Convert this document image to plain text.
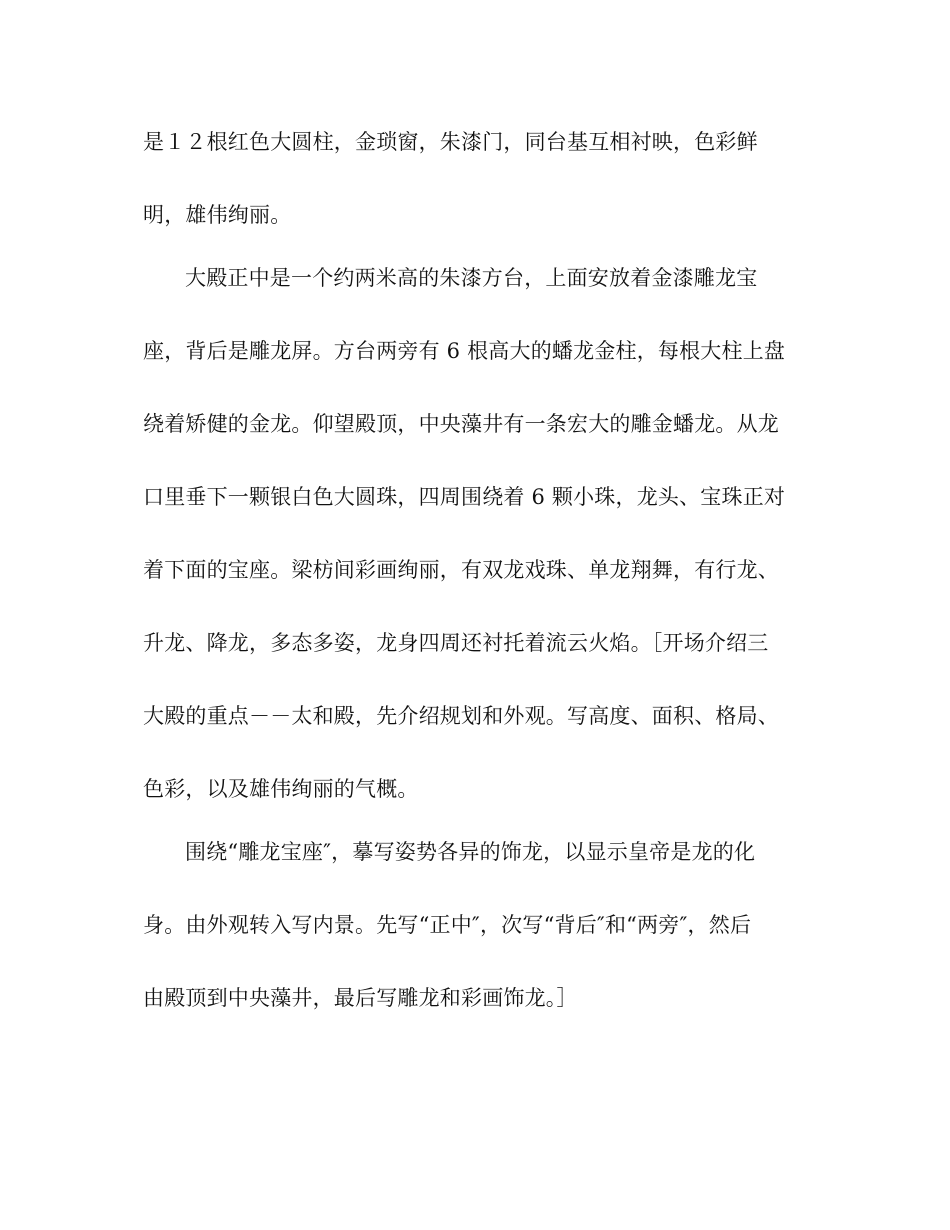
是１２根红色大圆柱，金琐窗，朱漆门，同台基互相衬映，色彩鲜
明，雄伟绚丽。
大殿正中是一个约两米高的朱漆方台，上面安放着金漆雕龙宝
座，背后是雕龙屏。方台两旁有 6 根高大的蟠龙金柱，每根大柱上盘
绕着矫健的金龙。仰望殿顶，中央藻井有一条宏大的雕金蟠龙。从龙
口里垂下一颗银白色大圆珠，四周围绕着 6 颗小珠，龙头、宝珠正对
着下面的宝座。梁枋间彩画绚丽，有双龙戏珠、单龙翔舞，有行龙、
升龙、降龙，多态多姿，龙身四周还衬托着流云火焰。［开场介绍三
大殿的重点－－太和殿，先介绍规划和外观。写高度、面积、格局、
色彩，以及雄伟绚丽的气概。
围绕“雕龙宝座″，摹写姿势各异的饰龙，以显示皇帝是龙的化
身。由外观转入写内景。先写“正中″，次写“背后″和“两旁″，然后
由殿顶到中央藻井，最后写雕龙和彩画饰龙。］
